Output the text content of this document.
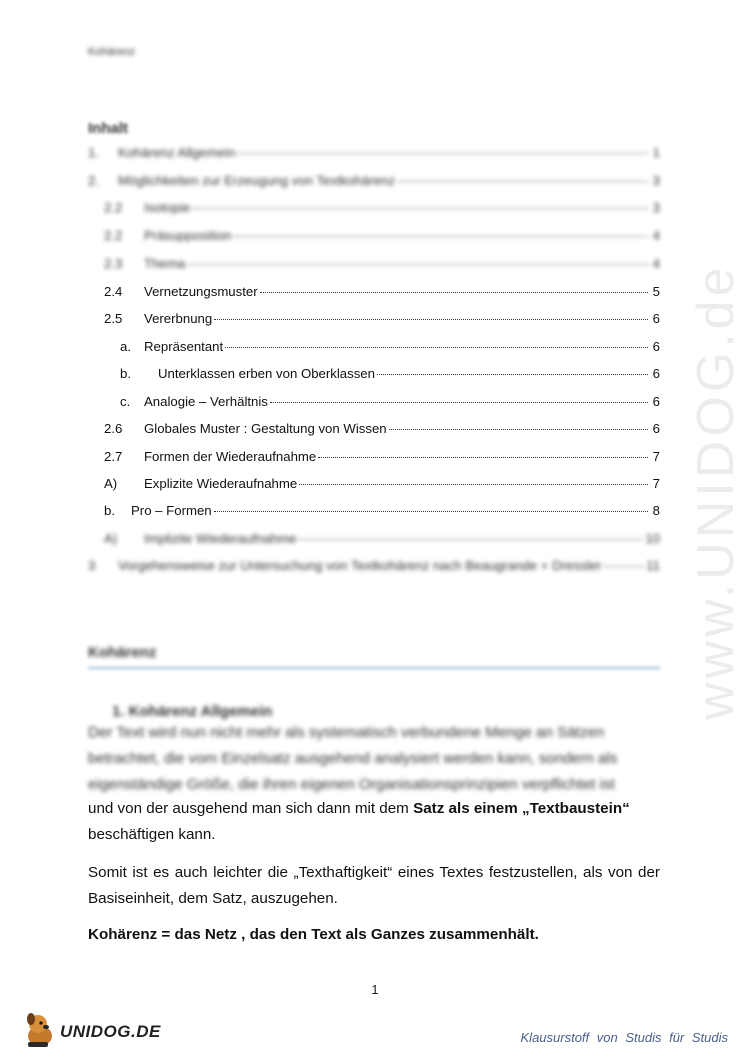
www.UNIDOG.de
Kohärenz
Inhalt
1.	Kohärenz Allgemein	1
2.	Möglichkeiten zur Erzeugung von Textkohärenz	3
2.2	Isotopie	3
2.2	Präsupposition	4
2.3	Thema	4
2.4	Vernetzungsmuster	5
2.5	Vererbnung	6
a. Repräsentant	6
b.	Unterklassen erben von Oberklassen	6
c.	Analogie – Verhältnis	6
2.6	Globales Muster : Gestaltung von Wissen	6
2.7	Formen der Wiederaufnahme	7
A)	Explizite Wiederaufnahme	7
b.	Pro – Formen	8
A)	Implizite Wiederaufnahme	10
3	Vorgehensweise zur Untersuchung von Textkohärenz nach Beaugrande + Dressler	11
Kohärenz
1. Kohärenz Allgemein
Der Text wird nun nicht mehr als systematisch verbundene Menge an Sätzen
betrachtet, die vom Einzelsatz ausgehend analysiert werden kann, sondern als
eigenständige Größe, die ihren eigenen Organisationsprinzipien verpflichtet ist
und von der ausgehend man sich dann mit dem Satz als einem „Textbaustein“
beschäftigen kann.
Somit ist es auch leichter die „Texthaftigkeit“ eines Textes festzustellen, als von der Basiseinheit, dem Satz, auszugehen.
Kohärenz = das Netz , das den Text als Ganzes zusammenhält.
1
UNIDOG.DE	Klausurstoff von Studis für Studis
